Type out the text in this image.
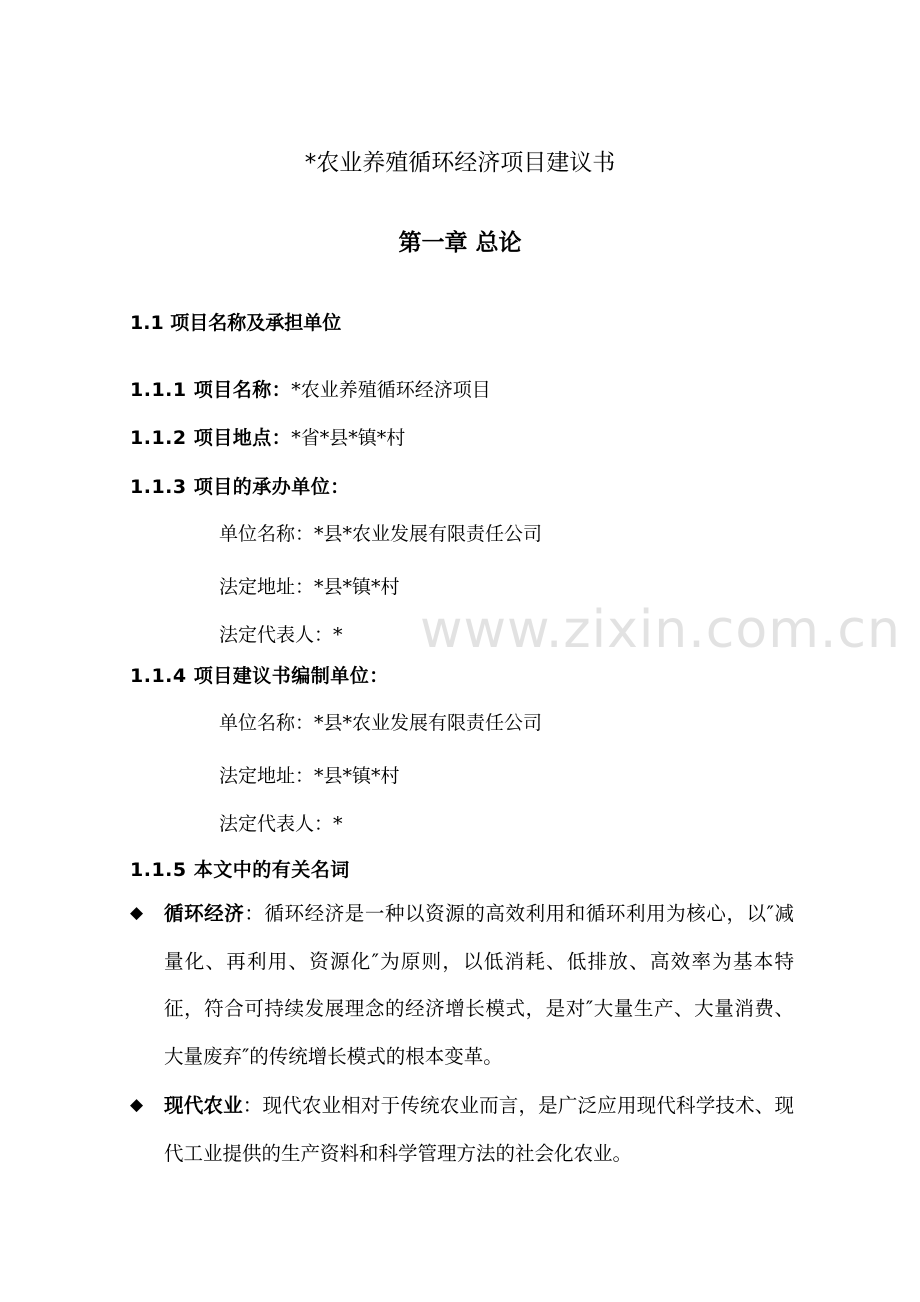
www.zixin.com.cn
*农业养殖循环经济项目建议书
第一章 总论
1.1 项目名称及承担单位
1.1.1 项目名称：*农业养殖循环经济项目
1.1.2 项目地点：*省*县*镇*村
1.1.3 项目的承办单位：
单位名称：*县*农业发展有限责任公司
法定地址：*县*镇*村
法定代表人：*
1.1.4 项目建议书编制单位：
单位名称：*县*农业发展有限责任公司
法定地址：*县*镇*村
法定代表人：*
1.1.5 本文中的有关名词
◆ 循环经济：循环经济是一种以资源的高效利用和循环利用为核心，以″减量化、再利用、资源化″为原则，以低消耗、低排放、高效率为基本特征，符合可持续发展理念的经济增长模式，是对″大量生产、大量消费、大量废弃″的传统增长模式的根本变革。
◆ 现代农业：现代农业相对于传统农业而言，是广泛应用现代科学技术、现代工业提供的生产资料和科学管理方法的社会化农业。
